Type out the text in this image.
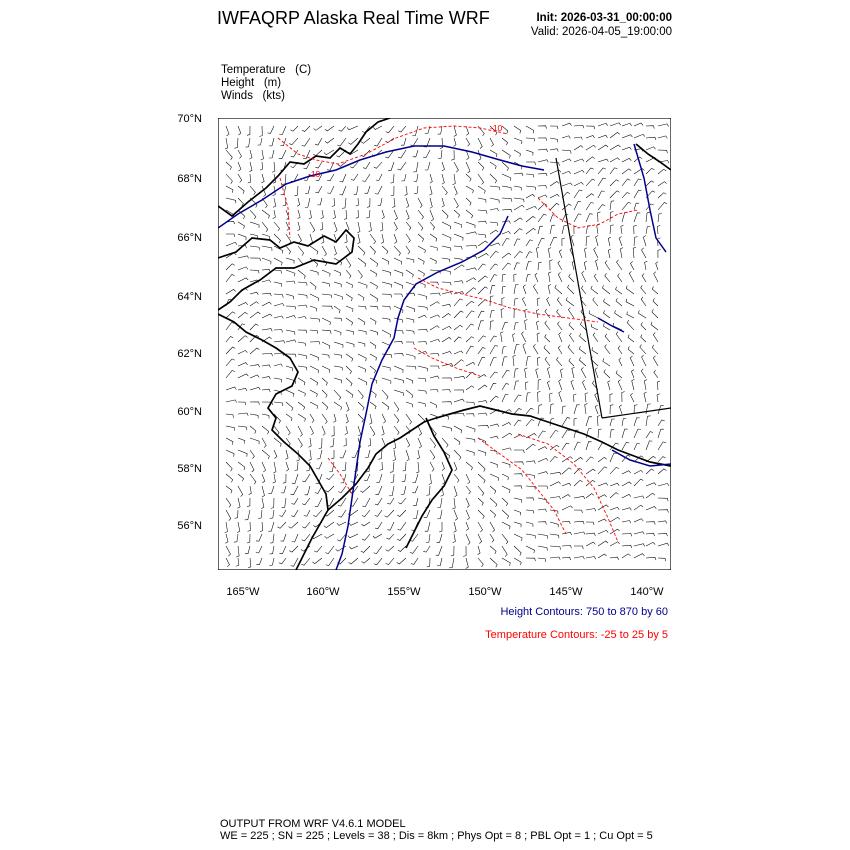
IWFAQRP Alaska Real Time WRF	Init: 2026-03-31_00:00:00
Valid: 2026-04-05_19:00:00
Temperature (C)
Height (m)
Winds (kts)
70°N
68°N
66°N
64°N
62°N
60°N
58°N
56°N
165°W	160°W	155°W	150°W	145°W	140°W
-10
-10
Height Contours: 750 to 870 by 60
Temperature Contours: -25 to 25 by 5
OUTPUT FROM WRF V4.6.1 MODEL
WE = 225 ; SN = 225 ; Levels = 38 ; Dis = 8km ; Phys Opt = 8 ; PBL Opt = 1 ; Cu Opt = 5
